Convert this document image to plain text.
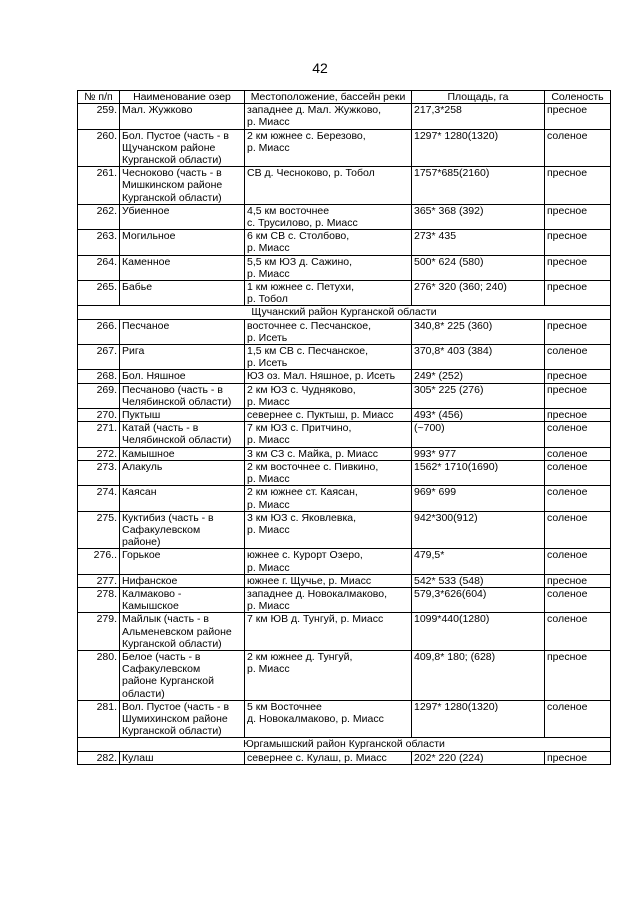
42
№ п/п	Наименование озер	Местоположение, бассейн реки	Площадь, га	Соленость
259.	Мал. Жужково	западнее д. Мал. Жужково,
р. Миасс	217,3*258	пресное
260.	Бол. Пустое (часть - в
Щучанском районе
Курганской области)	2 км южнее с. Березово,
р. Миасс	1297* 1280(1320)	соленое
261.	Чесноково (часть - в
Мишкинском районе
Курганской области)	СВ д. Чесноково, р. Тобол	1757*685(2160)	пресное
262.	Убиенное	4,5 км восточнее
с. Трусилово, р. Миасс	365* 368 (392)	пресное
263.	Могильное	6 км СВ с. Столбово,
р. Миасс	273* 435	пресное
264.	Каменное	5,5 км ЮЗ д. Сажино,
р. Миасс	500* 624 (580)	пресное
265.	Бабье	1 км южнее с. Петухи,
р. Тобол	276* 320 (360; 240)	пресное
Щучанский район Курганской области				
266.	Песчаное	восточнее с. Песчанское,
р. Исеть	340,8* 225 (360)	пресное
267.	Рига	1,5 км СВ с. Песчанское,
р. Исеть	370,8* 403 (384)	соленое
268.	Бол. Няшное	ЮЗ оз. Мал. Няшное, р. Исеть	249* (252)	пресное
269.	Песчаново (часть - в
Челябинской области)	2 км ЮЗ с. Чудняково,
р. Миасс	305* 225 (276)	пресное
270.	Пуктыш	севернее с. Пуктыш, р. Миасс	493* (456)	пресное
271.	Катай (часть - в
Челябинской области)	7 км ЮЗ с. Притчино,
р. Миасс	(~700)	соленое
272.	Камышное	3 км СЗ с. Майка, р. Миасс	993* 977	соленое
273.	Алакуль	2 км восточнее с. Пивкино,
р. Миасс	1562* 1710(1690)	соленое
274.	Каясан	2 км южнее ст. Каясан,
р. Миасс	969* 699	соленое
275.	Куктибиз (часть - в
Сафакулевском
районе)	3 км ЮЗ с. Яковлевка,
р. Миасс	942*300(912)	соленое
276..	Горькое	южнее с. Курорт Озеро,
р. Миасс	479,5*	соленое
277.	Нифанское	южнее г. Щучье, р. Миасс	542* 533 (548)	пресное
278.	Калмаково -
Камышское	западнее д. Новокалмаково,
р. Миасс	579,3*626(604)	соленое
279.	Майлык (часть - в
Альменевском районе
Курганской области)	7 км ЮВ д. Тунгуй, р. Миасс	1099*440(1280)	соленое
280.	Белое (часть - в
Сафакулевском
районе Курганской
области)	2 км южнее д. Тунгуй,
р. Миасс	409,8* 180; (628)	пресное
281.	Вол. Пустое (часть - в
Шумихинском районе
Курганской области)	5 км Восточнее
д. Новокалмаково, р. Миасс	1297* 1280(1320)	соленое
Юргамышский район Курганской области				
282.	Кулаш	севернее с. Кулаш, р. Миасс	202* 220 (224)	пресное
